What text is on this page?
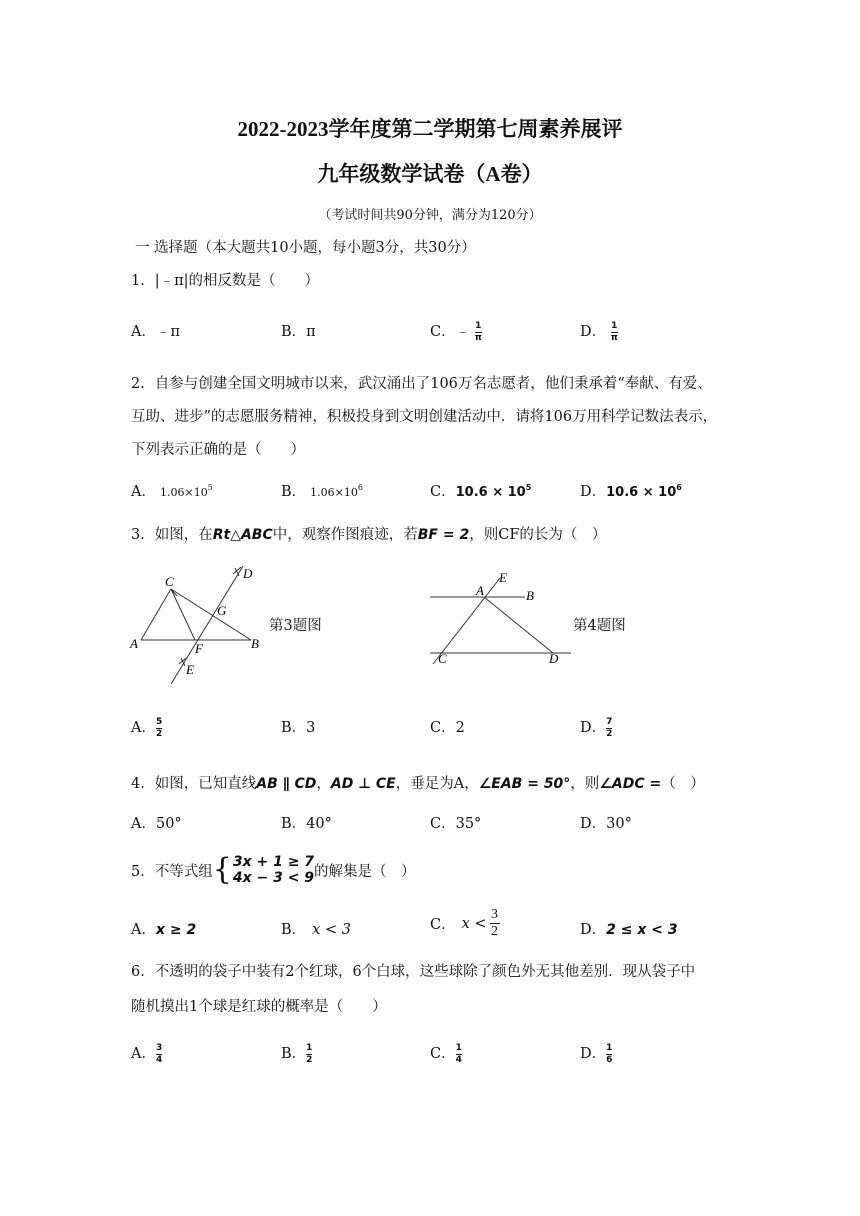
2022-2023学年度第二学期第七周素养展评
九年级数学试卷（A卷）
（考试时间共90分钟，满分为120分）
一 选择题（本大题共10小题，每小题3分，共30分）
1．|﹣π|的相反数是（　　）
A．﹣π	B．π	C．﹣ $\frac{1}{\pi}$	D． $\frac{1}{\pi}$
2．自参与创建全国文明城市以来，武汉涌出了106万名志愿者，他们秉承着“奉献、有爱、
互助、进步”的志愿服务精神，积极投身到文明创建活动中．请将106万用科学记数法表示，
下列表示正确的是（　　）
A． $1.06\times 10^5$	B． $1.06\times 10^6$	C．$10.6 \times 10^5$	D．$10.6 \times 10^6$
3．如图，在Rt△ABC中，观察作图痕迹，若BF = 2，则CF的长为（　）
C
D
G
A	F	B
E
第3题图
A
E
B
C	D
第4题图
A． $\frac{5}{2}$	B．3	C．2	D． $\frac{7}{2}$
4．如图，已知直线AB ∥ CD，AD ⊥ CE，垂足为A，∠EAB = 50°，则∠ADC =（　）
A．50°	B．40°	C．35°	D．30°
5．不等式组 { 3x + 1 ≥ 7
4x − 3 < 9 的解集是（　）
A．x ≥ 2	B． x < 3	C． $x < \frac{3}{2}$	D．2 ≤ x < 3
6．不透明的袋子中装有2个红球，6个白球，这些球除了颜色外无其他差别．现从袋子中
随机摸出1个球是红球的概率是（　　）
A． $\frac{3}{4}$	B． $\frac{1}{2}$	C． $\frac{1}{4}$	D． $\frac{1}{6}$
